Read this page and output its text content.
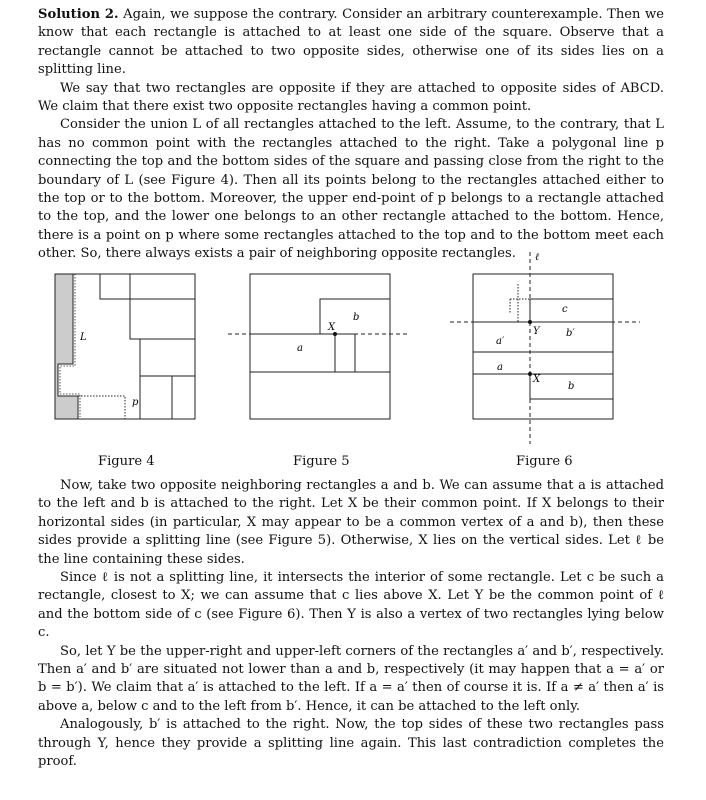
Solution 2. Again, we suppose the contrary. Consider an arbitrary counterexample. Then we know that each rectangle is attached to at least one side of the square. Observe that a rectangle cannot be attached to two opposite sides, otherwise one of its sides lies on a splitting line.

We say that two rectangles are opposite if they are attached to opposite sides of ABCD. We claim that there exist two opposite rectangles having a common point.

Consider the union L of all rectangles attached to the left. Assume, to the contrary, that L has no common point with the rectangles attached to the right. Take a polygonal line p connecting the top and the bottom sides of the square and passing close from the right to the boundary of L (see Figure 4). Then all its points belong to the rectangles attached either to the top or to the bottom. Moreover, the upper end-point of p belongs to a rectangle attached to the top, and the lower one belongs to an other rectangle attached to the bottom. Hence, there is a point on p where some rectangles attached to the top and to the bottom meet each other. So, there always exists a pair of neighboring opposite rectangles.

L
p
a
b
X
ℓ
c
a′
b′
Y
a
X
b
Figure 4	Figure 5	Figure 6

Now, take two opposite neighboring rectangles a and b. We can assume that a is attached to the left and b is attached to the right. Let X be their common point. If X belongs to their horizontal sides (in particular, X may appear to be a common vertex of a and b), then these sides provide a splitting line (see Figure 5). Otherwise, X lies on the vertical sides. Let ℓ be the line containing these sides.

Since ℓ is not a splitting line, it intersects the interior of some rectangle. Let c be such a rectangle, closest to X; we can assume that c lies above X. Let Y be the common point of ℓ and the bottom side of c (see Figure 6). Then Y is also a vertex of two rectangles lying below c.

So, let Y be the upper-right and upper-left corners of the rectangles a′ and b′, respectively. Then a′ and b′ are situated not lower than a and b, respectively (it may happen that a = a′ or b = b′). We claim that a′ is attached to the left. If a = a′ then of course it is. If a ≠ a′ then a′ is above a, below c and to the left from b′. Hence, it can be attached to the left only.

Analogously, b′ is attached to the right. Now, the top sides of these two rectangles pass through Y, hence they provide a splitting line again. This last contradiction completes the proof.
